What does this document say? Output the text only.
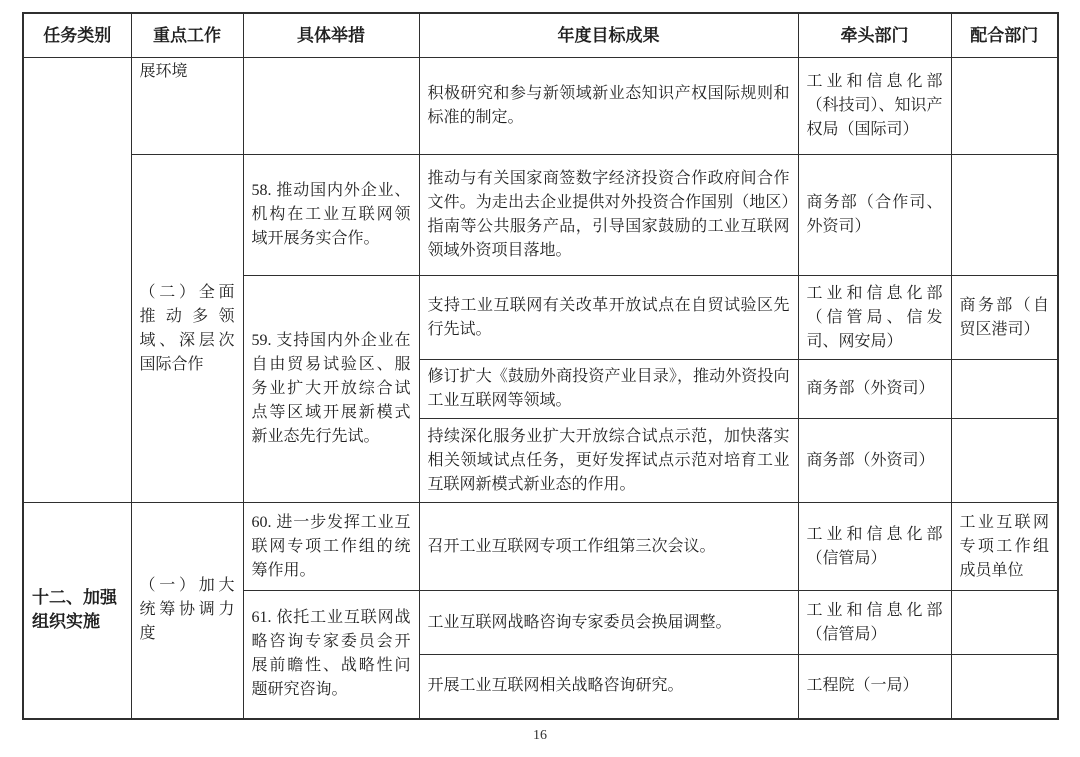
任务类别	重点工作	具体举措	年度目标成果	牵头部门	配合部门
	展环境		积极研究和参与新领域新业态知识产权国际规则和标准的制定。	工业和信息化部（科技司）、知识产权局（国际司）	
	（二）全面推动多领域、深层次国际合作	58. 推动国内外企业、机构在工业互联网领域开展务实合作。	推动与有关国家商签数字经济投资合作政府间合作文件。为走出去企业提供对外投资合作国别（地区）指南等公共服务产品，引导国家鼓励的工业互联网领域外资项目落地。	商务部（合作司、外资司）	
		59. 支持国内外企业在自由贸易试验区、服务业扩大开放综合试点等区域开展新模式新业态先行先试。	支持工业互联网有关改革开放试点在自贸试验区先行先试。	工业和信息化部（信管局、信发司、网安局）	商务部（自贸区港司）
			修订扩大《鼓励外商投资产业目录》，推动外资投向工业互联网等领域。	商务部（外资司）	
			持续深化服务业扩大开放综合试点示范，加快落实相关领域试点任务，更好发挥试点示范对培育工业互联网新模式新业态的作用。	商务部（外资司）	
十二、加强组织实施	（一）加大统筹协调力度	60. 进一步发挥工业互联网专项工作组的统筹作用。	召开工业互联网专项工作组第三次会议。	工业和信息化部（信管局）	工业互联网专项工作组成员单位
		61. 依托工业互联网战略咨询专家委员会开展前瞻性、战略性问题研究咨询。	工业互联网战略咨询专家委员会换届调整。	工业和信息化部（信管局）	
			开展工业互联网相关战略咨询研究。	工程院（一局）	
16
